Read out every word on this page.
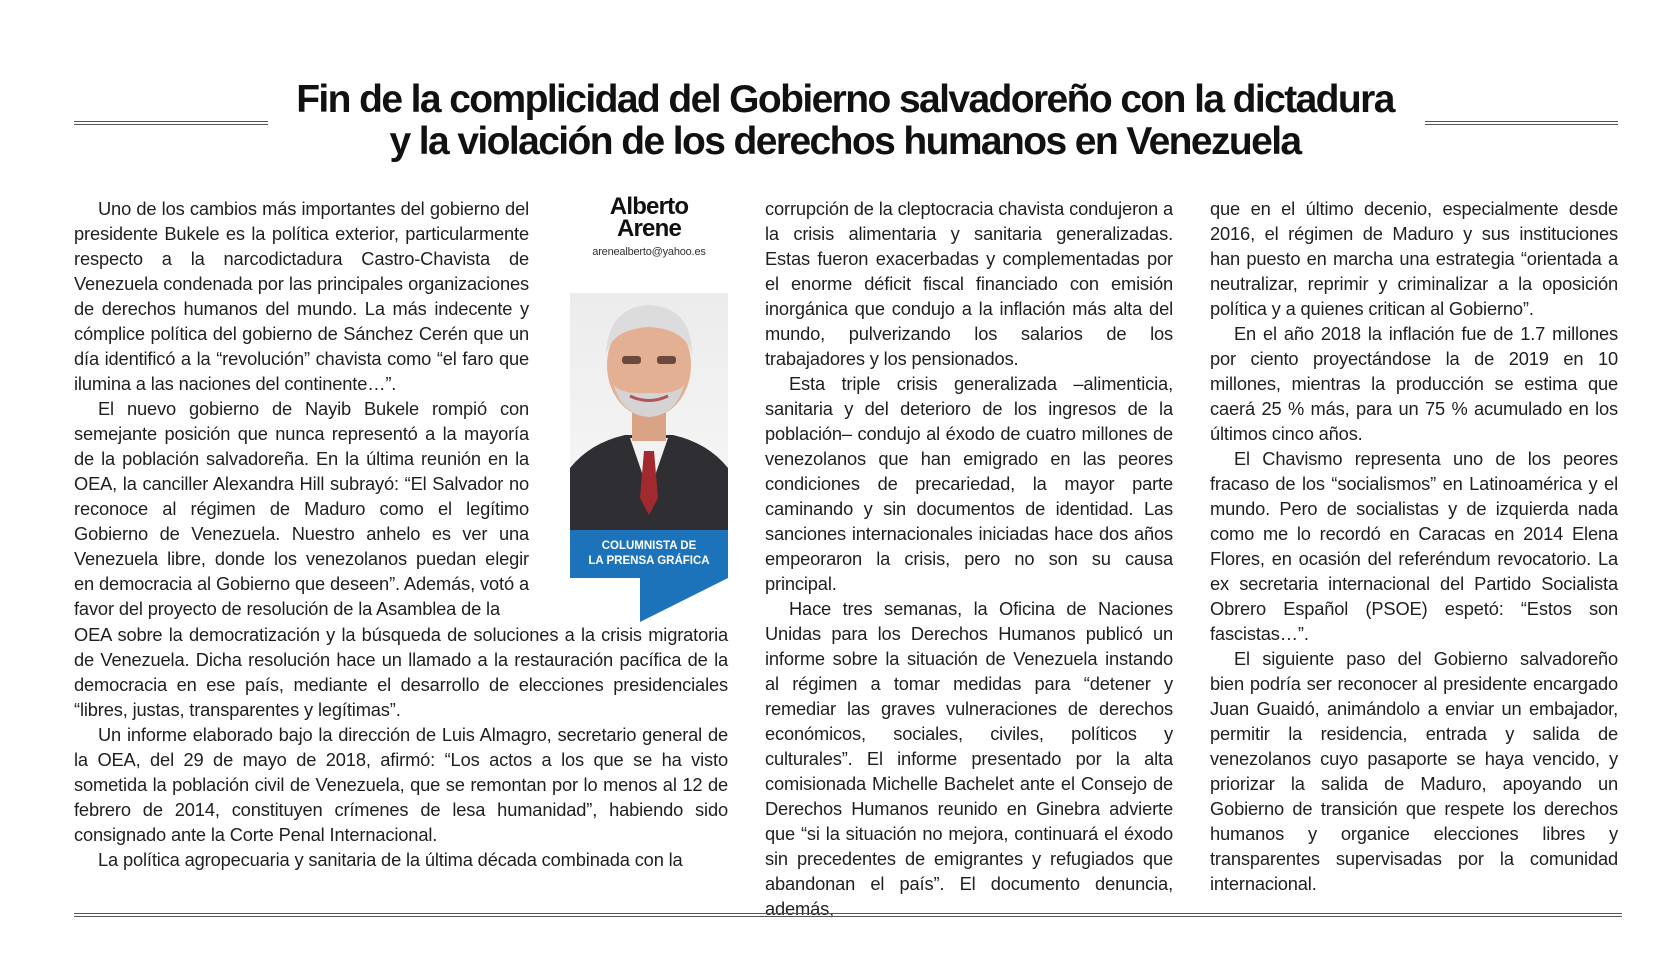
Fin de la complicidad del Gobierno salvadoreño con la dictadura
y la violación de los derechos humanos en Venezuela

Uno de los cambios más importantes del gobierno del presidente Bukele es la política exterior, particularmente respecto a la narcodictadura Castro-Chavista de Venezuela condenada por las principales organizaciones de derechos humanos del mundo. La más indecente y cómplice política del gobierno de Sánchez Cerén que un día identificó a la “revolución” chavista como “el faro que ilumina a las naciones del continente…”.

El nuevo gobierno de Nayib Bukele rompió con semejante posición que nunca representó a la mayoría de la población salvadoreña. En la última reunión en la OEA, la canciller Alexandra Hill subrayó: “El Salvador no reconoce al régimen de Maduro como el legítimo Gobierno de Venezuela. Nuestro anhelo es ver una Venezuela libre, donde los venezolanos puedan elegir en democracia al Gobierno que deseen”. Además, votó a favor del proyecto de resolución de la Asamblea de la

Alberto
Arene
arenealberto@yahoo.es
COLUMNISTA DE
LA PRENSA GRÁFICA

OEA sobre la democratización y la búsqueda de soluciones a la crisis migratoria de Venezuela. Dicha resolución hace un llamado a la restauración pacífica de la democracia en ese país, mediante el desarrollo de elecciones presidenciales “libres, justas, transparentes y legítimas”.

Un informe elaborado bajo la dirección de Luis Almagro, secretario general de la OEA, del 29 de mayo de 2018, afirmó: “Los actos a los que se ha visto sometida la población civil de Venezuela, que se remontan por lo menos al 12 de febrero de 2014, constituyen crímenes de lesa humanidad”, habiendo sido consignado ante la Corte Penal Internacional.

La política agropecuaria y sanitaria de la última década combinada con la

corrupción de la cleptocracia chavista condujeron a la crisis alimentaria y sanitaria generalizadas. Estas fueron exacerbadas y complementadas por el enorme déficit fiscal financiado con emisión inorgánica que condujo a la inflación más alta del mundo, pulverizando los salarios de los trabajadores y los pensionados.

Esta triple crisis generalizada –alimenticia, sanitaria y del deterioro de los ingresos de la población– condujo al éxodo de cuatro millones de venezolanos que han emigrado en las peores condiciones de precariedad, la mayor parte caminando y sin documentos de identidad. Las sanciones internacionales iniciadas hace dos años empeoraron la crisis, pero no son su causa principal.

Hace tres semanas, la Oficina de Naciones Unidas para los Derechos Humanos publicó un informe sobre la situación de Venezuela instando al régimen a tomar medidas para “detener y remediar las graves vulneraciones de derechos económicos, sociales, civiles, políticos y culturales”. El informe presentado por la alta comisionada Michelle Bachelet ante el Consejo de Derechos Humanos reunido en Ginebra advierte que “si la situación no mejora, continuará el éxodo sin precedentes de emigrantes y refugiados que abandonan el país”. El documento denuncia, además,

que en el último decenio, especialmente desde 2016, el régimen de Maduro y sus instituciones han puesto en marcha una estrategia “orientada a neutralizar, reprimir y criminalizar a la oposición política y a quienes critican al Gobierno”.

En el año 2018 la inflación fue de 1.7 millones por ciento proyectándose la de 2019 en 10 millones, mientras la producción se estima que caerá 25 % más, para un 75 % acumulado en los últimos cinco años.

El Chavismo representa uno de los peores fracaso de los “socialismos” en Latinoamérica y el mundo. Pero de socialistas y de izquierda nada como me lo recordó en Caracas en 2014 Elena Flores, en ocasión del referéndum revocatorio. La ex secretaria internacional del Partido Socialista Obrero Español (PSOE) espetó: “Estos son fascistas…”.

El siguiente paso del Gobierno salvadoreño bien podría ser reconocer al presidente encargado Juan Guaidó, animándolo a enviar un embajador, permitir la residencia, entrada y salida de venezolanos cuyo pasaporte se haya vencido, y priorizar la salida de Maduro, apoyando un Gobierno de transición que respete los derechos humanos y organice elecciones libres y transparentes supervisadas por la comunidad internacional.
